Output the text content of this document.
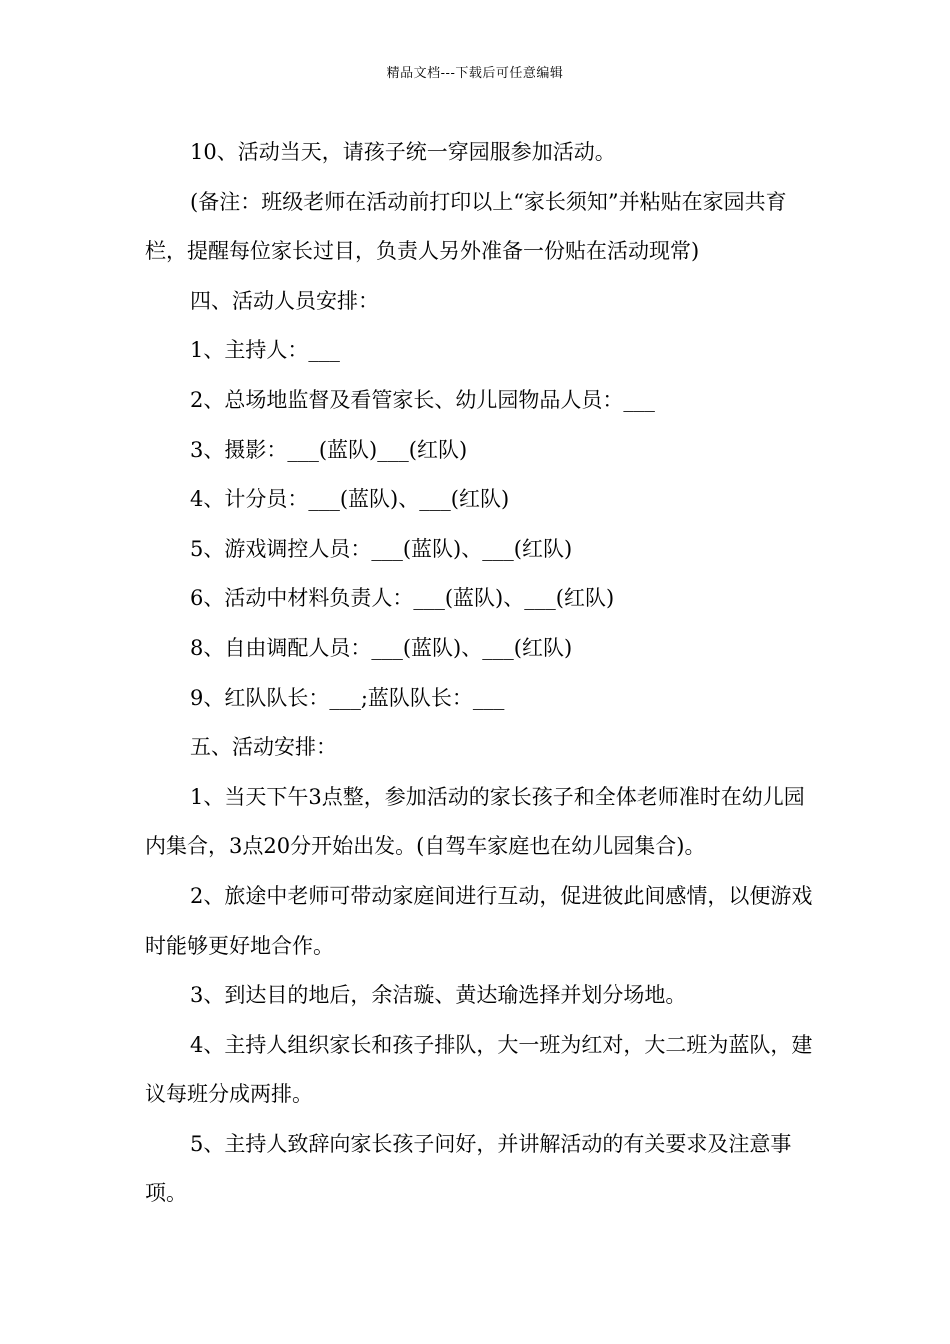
精品文档---下载后可任意编辑

10、活动当天，请孩子统一穿园服参加活动。

(备注：班级老师在活动前打印以上“家长须知”并粘贴在家园共育栏，提醒每位家长过目，负责人另外准备一份贴在活动现常)

四、活动人员安排：

1、主持人：___

2、总场地监督及看管家长、幼儿园物品人员：___

3、摄影：___(蓝队)___(红队)

4、计分员：___(蓝队)、___(红队)

5、游戏调控人员：___(蓝队)、___(红队)

6、活动中材料负责人：___(蓝队)、___(红队)

8、自由调配人员：___(蓝队)、___(红队)

9、红队队长：___;蓝队队长：___

五、活动安排：

1、当天下午3点整，参加活动的家长孩子和全体老师准时在幼儿园内集合，3点20分开始出发。(自驾车家庭也在幼儿园集合)。

2、旅途中老师可带动家庭间进行互动，促进彼此间感情，以便游戏时能够更好地合作。

3、到达目的地后，余洁璇、黄达瑜选择并划分场地。

4、主持人组织家长和孩子排队，大一班为红对，大二班为蓝队，建议每班分成两排。

5、主持人致辞向家长孩子问好，并讲解活动的有关要求及注意事项。
